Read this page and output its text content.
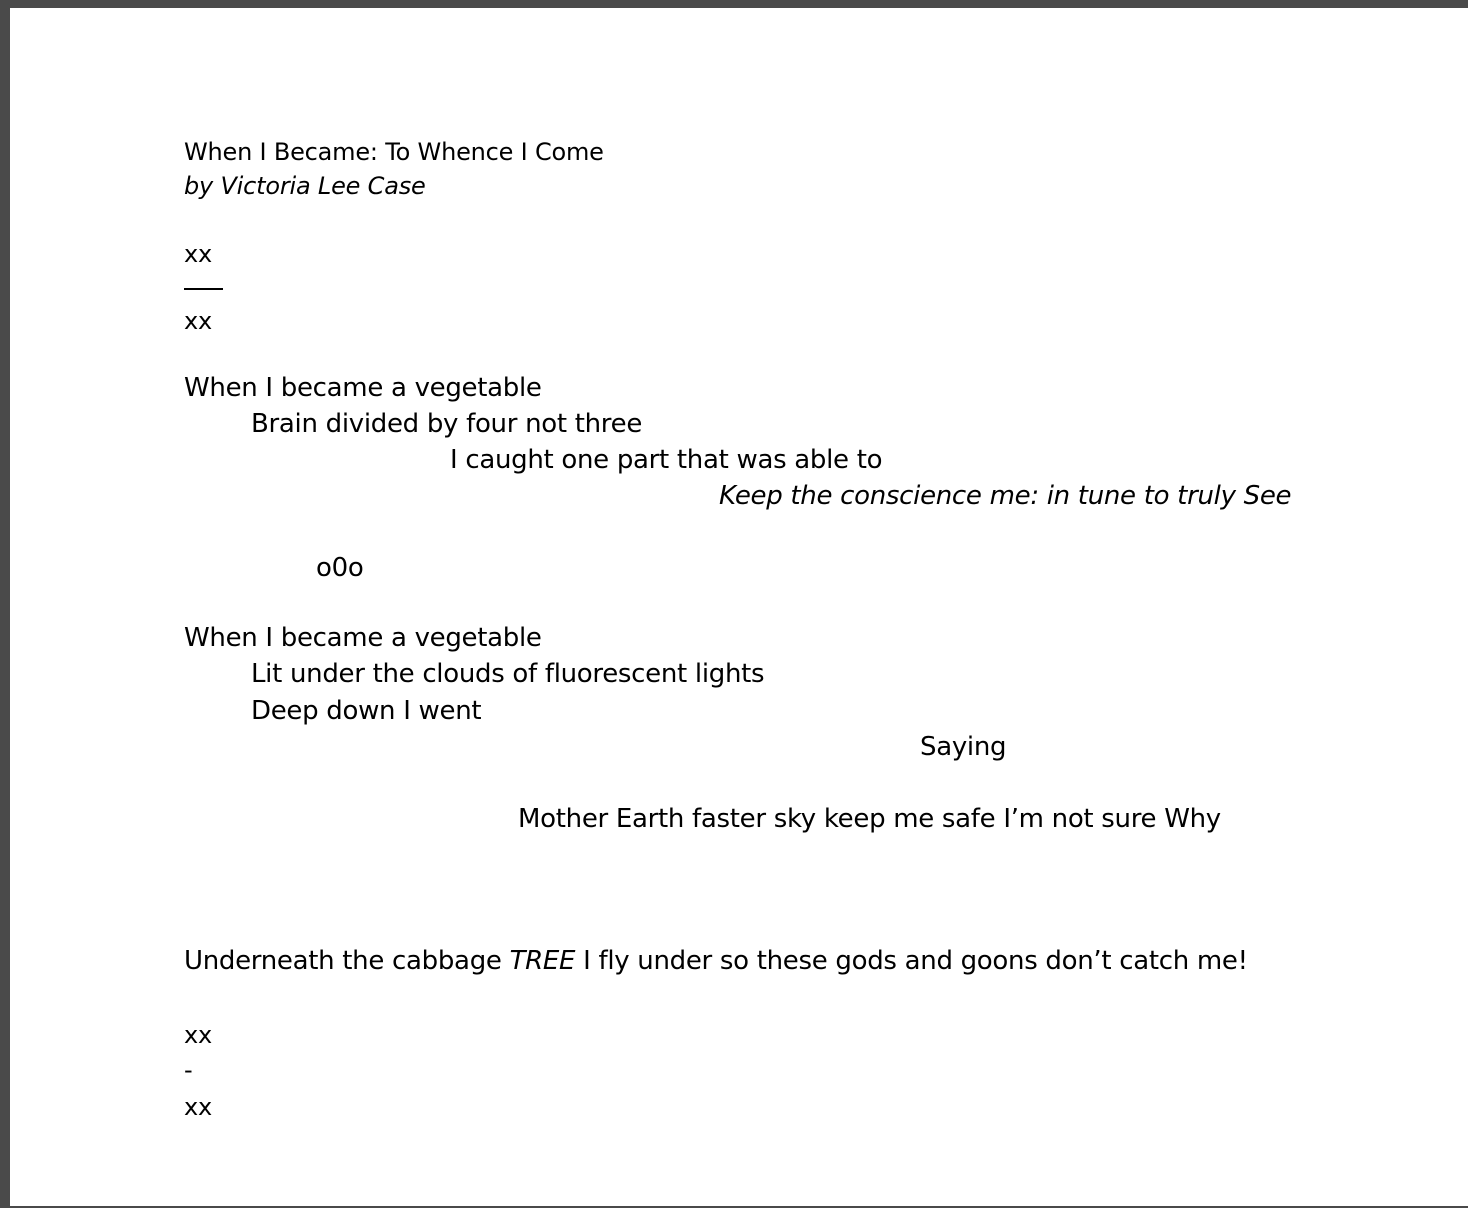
When I Became: To Whence I Come
by Victoria Lee Case
xx
xx
When I became a vegetable
Brain divided by four not three
I caught one part that was able to
Keep the conscience me: in tune to truly See
o0o
When I became a vegetable
Lit under the clouds of fluorescent lights
Deep down I went
Saying
Mother Earth faster sky keep me safe I’m not sure Why
Underneath the cabbage TREE I fly under so these gods and goons don’t catch me!
xx
-
xx
